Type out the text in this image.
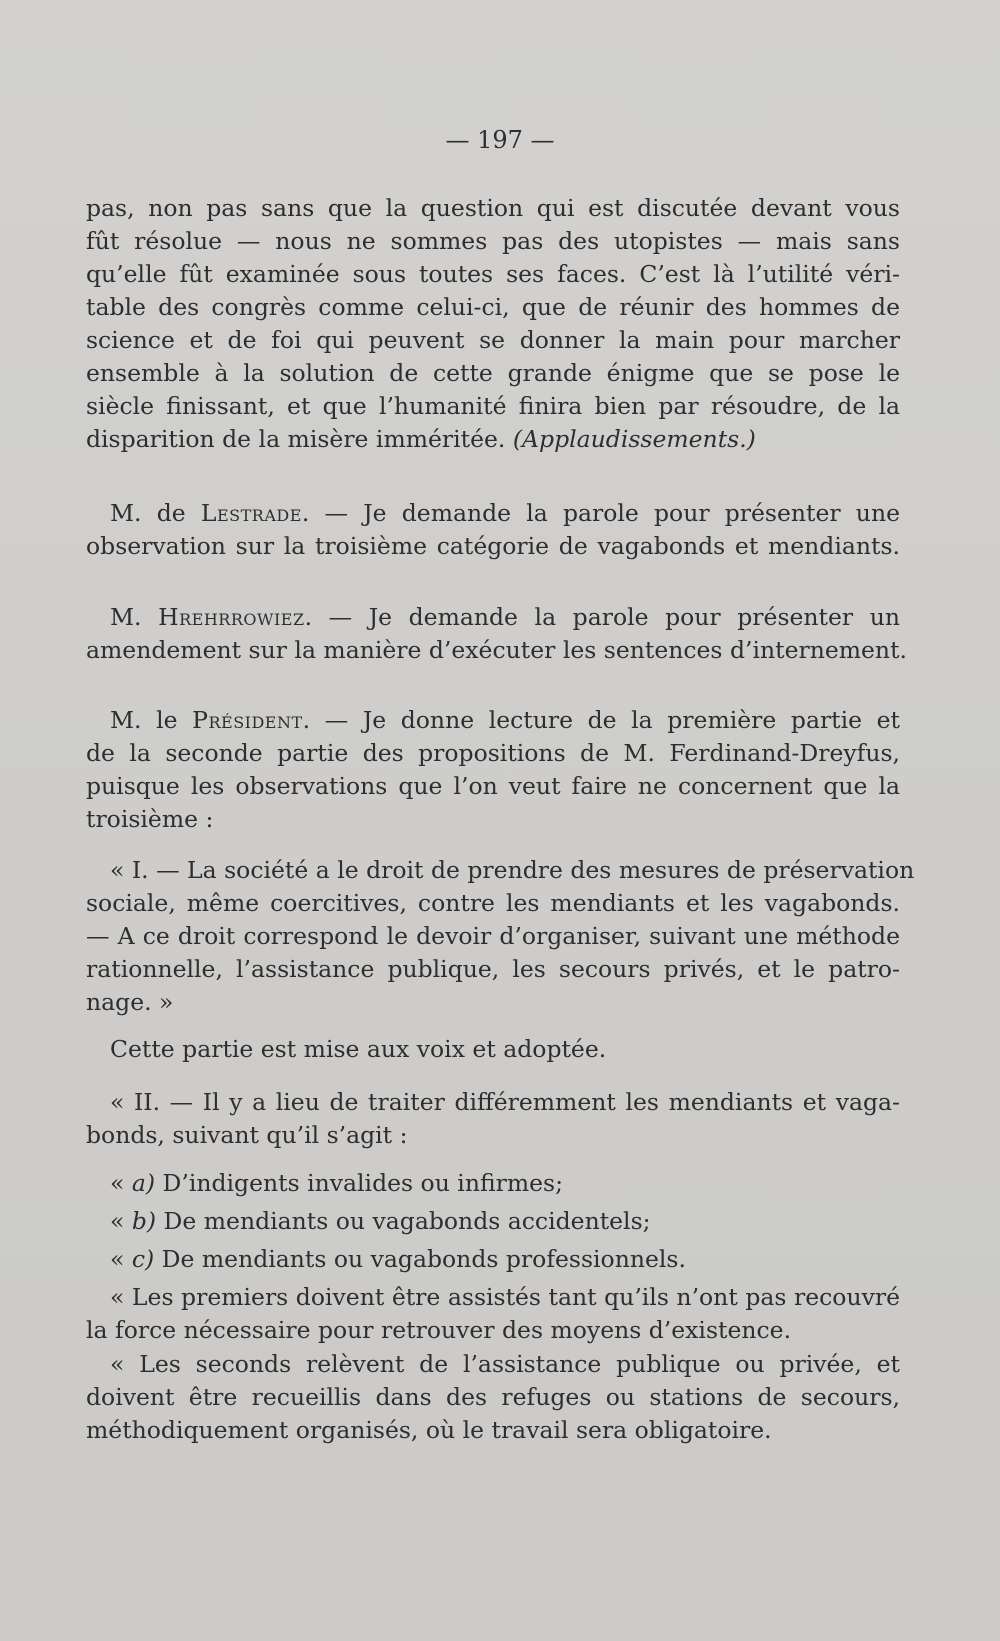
— 197 —
pas, non pas sans que la question qui est discutée devant vous
fût résolue — nous ne sommes pas des utopistes — mais sans
qu’elle fût examinée sous toutes ses faces. C’est là l’utilité véri-
table des congrès comme celui-ci, que de réunir des hommes de
science et de foi qui peuvent se donner la main pour marcher
ensemble à la solution de cette grande énigme que se pose le
siècle finissant, et que l’humanité finira bien par résoudre, de la
disparition de la misère imméritée. (Applaudissements.)
M. de Lestrade. — Je demande la parole pour présenter une
observation sur la troisième catégorie de vagabonds et mendiants.
M. Hrehrrowiez. — Je demande la parole pour présenter un
amendement sur la manière d’exécuter les sentences d’internement.
M. le Président. — Je donne lecture de la première partie et
de la seconde partie des propositions de M. Ferdinand-Dreyfus,
puisque les observations que l’on veut faire ne concernent que la
troisième :
« I. — La société a le droit de prendre des mesures de préservation
sociale, même coercitives, contre les mendiants et les vagabonds.
— A ce droit correspond le devoir d’organiser, suivant une méthode
rationnelle, l’assistance publique, les secours privés, et le patro-
nage. »
Cette partie est mise aux voix et adoptée.
« II. — Il y a lieu de traiter différemment les mendiants et vaga-
bonds, suivant qu’il s’agit :
« a) D’indigents invalides ou infirmes;
« b) De mendiants ou vagabonds accidentels;
« c) De mendiants ou vagabonds professionnels.
« Les premiers doivent être assistés tant qu’ils n’ont pas recouvré
la force nécessaire pour retrouver des moyens d’existence.
« Les seconds relèvent de l’assistance publique ou privée, et
doivent être recueillis dans des refuges ou stations de secours,
méthodiquement organisés, où le travail sera obligatoire.
